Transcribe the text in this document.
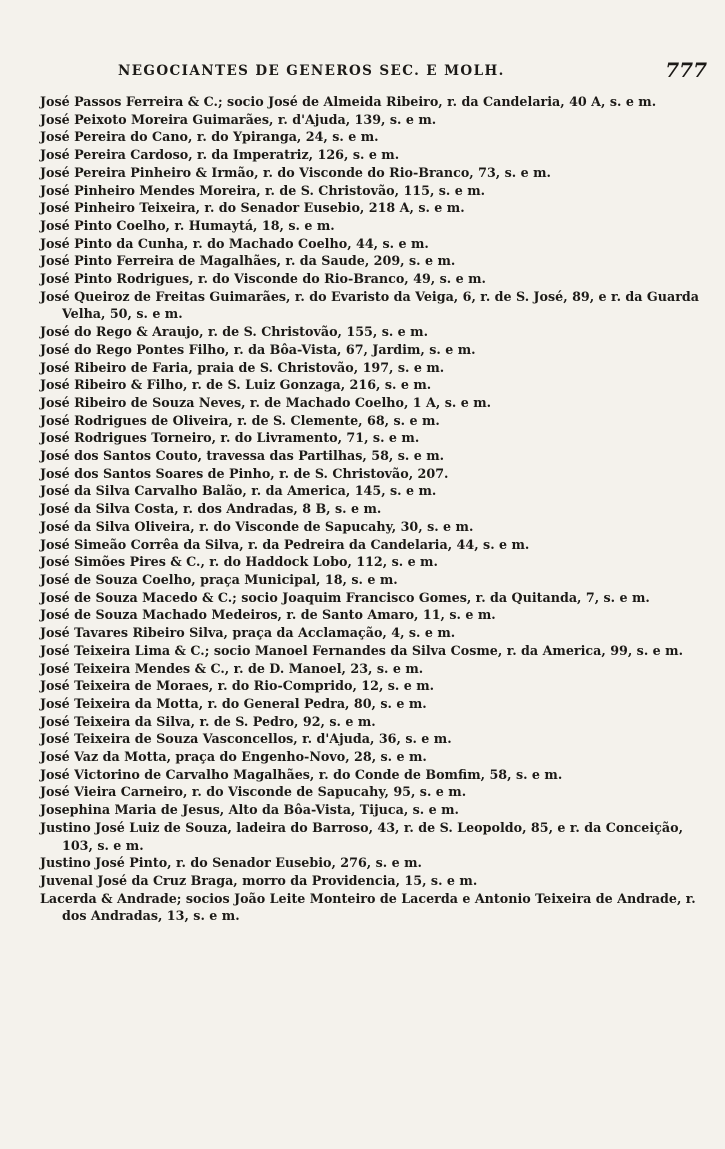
NEGOCIANTES DE GENEROS SEC. E MOLH.	777
José Passos Ferreira & C.; socio José de Almeida Ribeiro, r. da Candelaria, 40 A, s. e m.
José Peixoto Moreira Guimarães, r. d'Ajuda, 139, s. e m.
José Pereira do Cano, r. do Ypiranga, 24, s. e m.
José Pereira Cardoso, r. da Imperatriz, 126, s. e m.
José Pereira Pinheiro & Irmão, r. do Visconde do Rio-Branco, 73, s. e m.
José Pinheiro Mendes Moreira, r. de S. Christovão, 115, s. e m.
José Pinheiro Teixeira, r. do Senador Eusebio, 218 A, s. e m.
José Pinto Coelho, r. Humaytá, 18, s. e m.
José Pinto da Cunha, r. do Machado Coelho, 44, s. e m.
José Pinto Ferreira de Magalhães, r. da Saude, 209, s. e m.
José Pinto Rodrigues, r. do Visconde do Rio-Branco, 49, s. e m.
José Queiroz de Freitas Guimarães, r. do Evaristo da Veiga, 6, r. de S. José, 89, e r. da Guarda Velha, 50, s. e m.
José do Rego & Araujo, r. de S. Christovão, 155, s. e m.
José do Rego Pontes Filho, r. da Bôa-Vista, 67, Jardim, s. e m.
José Ribeiro de Faria, praia de S. Christovão, 197, s. e m.
José Ribeiro & Filho, r. de S. Luiz Gonzaga, 216, s. e m.
José Ribeiro de Souza Neves, r. de Machado Coelho, 1 A, s. e m.
José Rodrigues de Oliveira, r. de S. Clemente, 68, s. e m.
José Rodrigues Torneiro, r. do Livramento, 71, s. e m.
José dos Santos Couto, travessa das Partilhas, 58, s. e m.
José dos Santos Soares de Pinho, r. de S. Christovão, 207.
José da Silva Carvalho Balão, r. da America, 145, s. e m.
José da Silva Costa, r. dos Andradas, 8 B, s. e m.
José da Silva Oliveira, r. do Visconde de Sapucahy, 30, s. e m.
José Simeão Corrêa da Silva, r. da Pedreira da Candelaria, 44, s. e m.
José Simões Pires & C., r. do Haddock Lobo, 112, s. e m.
José de Souza Coelho, praça Municipal, 18, s. e m.
José de Souza Macedo & C.; socio Joaquim Francisco Gomes, r. da Quitanda, 7, s. e m.
José de Souza Machado Medeiros, r. de Santo Amaro, 11, s. e m.
José Tavares Ribeiro Silva, praça da Acclamação, 4, s. e m.
José Teixeira Lima & C.; socio Manoel Fernandes da Silva Cosme, r. da America, 99, s. e m.
José Teixeira Mendes & C., r. de D. Manoel, 23, s. e m.
José Teixeira de Moraes, r. do Rio-Comprido, 12, s. e m.
José Teixeira da Motta, r. do General Pedra, 80, s. e m.
José Teixeira da Silva, r. de S. Pedro, 92, s. e m.
José Teixeira de Souza Vasconcellos, r. d'Ajuda, 36, s. e m.
José Vaz da Motta, praça do Engenho-Novo, 28, s. e m.
José Victorino de Carvalho Magalhães, r. do Conde de Bomfim, 58, s. e m.
José Vieira Carneiro, r. do Visconde de Sapucahy, 95, s. e m.
Josephina Maria de Jesus, Alto da Bôa-Vista, Tijuca, s. e m.
Justino José Luiz de Souza, ladeira do Barroso, 43, r. de S. Leopoldo, 85, e r. da Conceição, 103, s. e m.
Justino José Pinto, r. do Senador Eusebio, 276, s. e m.
Juvenal José da Cruz Braga, morro da Providencia, 15, s. e m.
Lacerda & Andrade; socios João Leite Monteiro de Lacerda e Antonio Teixeira de Andrade, r. dos Andradas, 13, s. e m.
